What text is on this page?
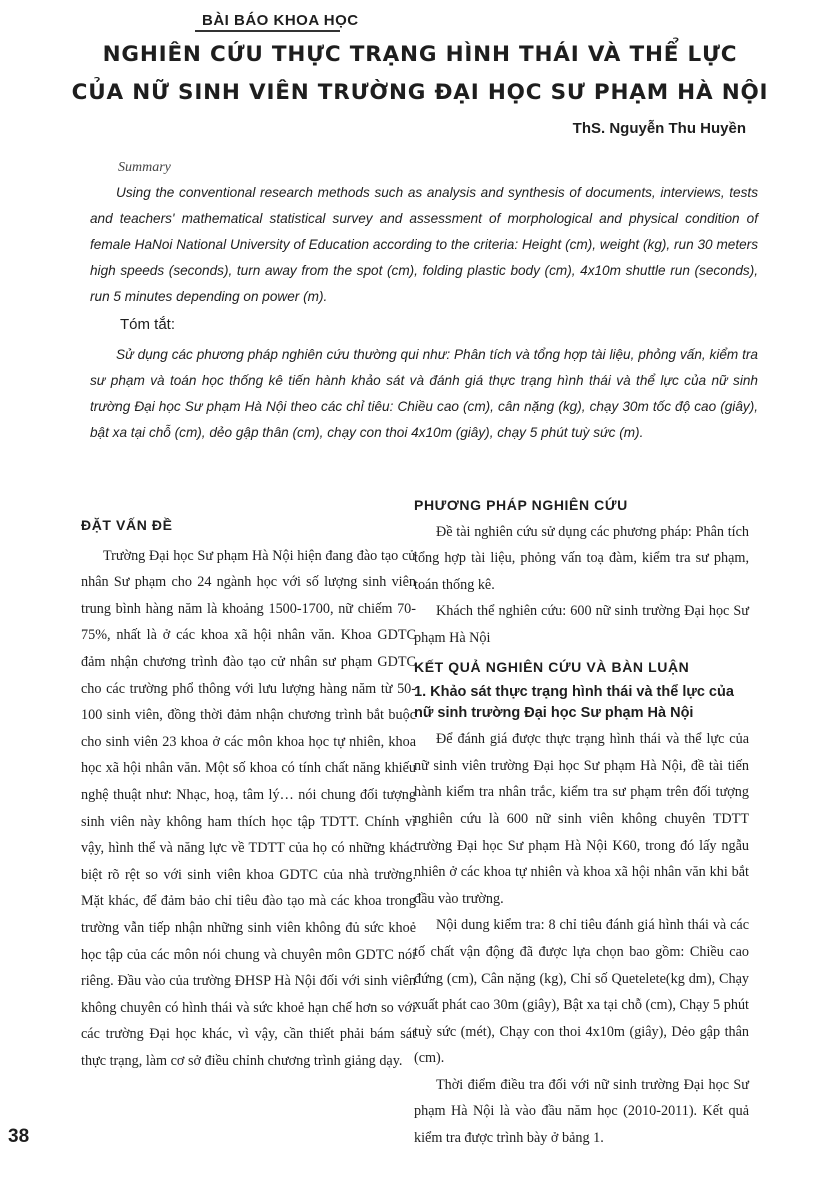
BÀI BÁO KHOA HỌC
NGHIÊN CỨU THỰC TRẠNG HÌNH THÁI VÀ THỂ LỰC
CỦA NỮ SINH VIÊN TRƯỜNG ĐẠI HỌC SƯ PHẠM HÀ NỘI
ThS. Nguyễn Thu Huyền
Summary

Using the conventional research methods such as analysis and synthesis of documents, interviews, tests and teachers' mathematical statistical survey and assessment of morphological and physical condition of female HaNoi National University of Education according to the criteria: Height (cm), weight (kg), run 30 meters high speeds (seconds), turn away from the spot (cm), folding plastic body (cm), 4x10m shuttle run (seconds), run 5 minutes depending on power (m).

Tóm tắt:

Sử dụng các phương pháp nghiên cứu thường qui như: Phân tích và tổng hợp tài liệu, phỏng vấn, kiểm tra sư phạm và toán học thống kê tiến hành khảo sát và đánh giá thực trạng hình thái và thể lực của nữ sinh trường Đại học Sư phạm Hà Nội theo các chỉ tiêu: Chiều cao (cm), cân nặng (kg), chạy 30m tốc độ cao (giây), bật xa tại chỗ (cm), dẻo gập thân (cm), chạy con thoi 4x10m (giây), chạy 5 phút tuỳ sức (m).

ĐẶT VẤN ĐỀ

Trường Đại học Sư phạm Hà Nội hiện đang đào tạo cử nhân Sư phạm cho 24 ngành học với số lượng sinh viên trung bình hàng năm là khoảng 1500-1700, nữ chiếm 70-75%, nhất là ở các khoa xã hội nhân văn. Khoa GDTC đảm nhận chương trình đào tạo cử nhân sư phạm GDTC cho các trường phổ thông với lưu lượng hàng năm từ 50-100 sinh viên, đồng thời đảm nhận chương trình bắt buộc cho sinh viên 23 khoa ở các môn khoa học tự nhiên, khoa học xã hội nhân văn. Một số khoa có tính chất năng khiếu nghệ thuật như: Nhạc, hoạ, tâm lý… nói chung đối tượng sinh viên này không ham thích học tập TDTT. Chính vì vậy, hình thể và năng lực về TDTT của họ có những khác biệt rõ rệt so với sinh viên khoa GDTC của nhà trường. Mặt khác, để đảm bảo chỉ tiêu đào tạo mà các khoa trong trường vẫn tiếp nhận những sinh viên không đủ sức khoẻ học tập của các môn nói chung và chuyên môn GDTC nói riêng. Đầu vào của trường ĐHSP Hà Nội đối với sinh viên không chuyên có hình thái và sức khoẻ hạn chế hơn so với các trường Đại học khác, vì vậy, cần thiết phải bám sát thực trạng, làm cơ sở điều chỉnh chương trình giảng dạy.

PHƯƠNG PHÁP NGHIÊN CỨU

Đề tài nghiên cứu sử dụng các phương pháp: Phân tích tổng hợp tài liệu, phỏng vấn toạ đàm, kiểm tra sư phạm, toán thống kê.

Khách thể nghiên cứu: 600 nữ sinh trường Đại học Sư phạm Hà Nội

KẾT QUẢ NGHIÊN CỨU VÀ BÀN LUẬN
1. Khảo sát thực trạng hình thái và thể lực của nữ sinh trường Đại học Sư phạm Hà Nội

Để đánh giá được thực trạng hình thái và thể lực của nữ sinh viên trường Đại học Sư phạm Hà Nội, đề tài tiến hành kiểm tra nhân trắc, kiểm tra sư phạm trên đối tượng nghiên cứu là 600 nữ sinh viên không chuyên TDTT trường Đại học Sư phạm Hà Nội K60, trong đó lấy ngẫu nhiên ở các khoa tự nhiên và khoa xã hội nhân văn khi bắt đầu vào trường.

Nội dung kiểm tra: 8 chỉ tiêu đánh giá hình thái và các tố chất vận động đã được lựa chọn bao gồm: Chiều cao đứng (cm), Cân nặng (kg), Chỉ số Quetelete(kg dm), Chạy xuất phát cao 30m (giây), Bật xa tại chỗ (cm), Chạy 5 phút tuỳ sức (mét), Chạy con thoi 4x10m (giây), Dẻo gập thân (cm).

Thời điểm điều tra đối với nữ sinh trường Đại học Sư phạm Hà Nội là vào đầu năm học (2010-2011). Kết quả kiểm tra được trình bày ở bảng 1.

38
